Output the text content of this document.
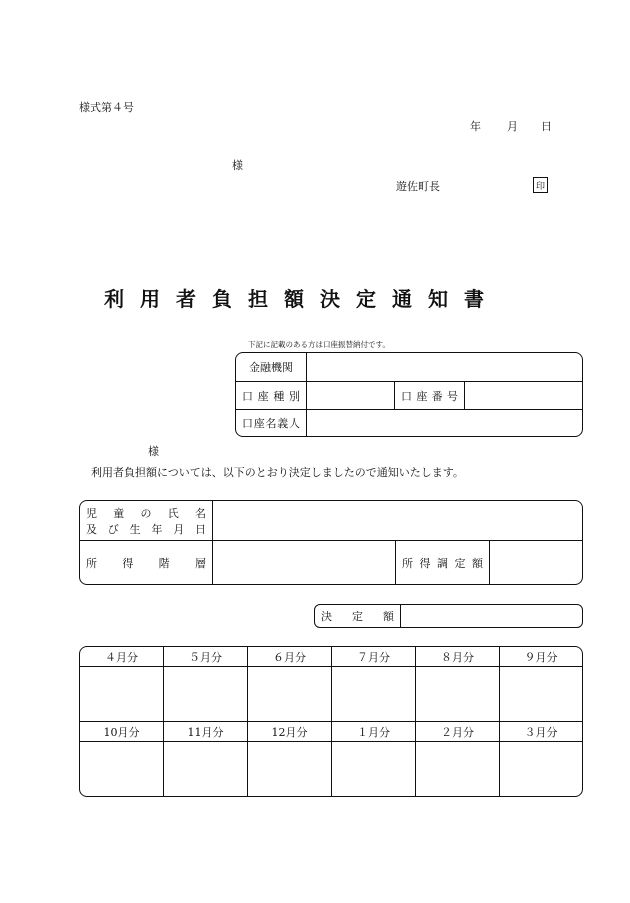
様式第４号
年 月 日
様
遊佐町長	印
利用者負担額決定通知書
下記に記載のある方は口座振替納付です。
金融機関			
口座種別		口座番号	
口座名義人			
様
利用者負担額については、以下のとおり決定しましたので通知いたします。
児童の氏名
及び生年月日			

所得階層		所得調定額	
決定額	
４月分	５月分	６月分	７月分	８月分	９月分

10月分	11月分	12月分	１月分	２月分	３月分
